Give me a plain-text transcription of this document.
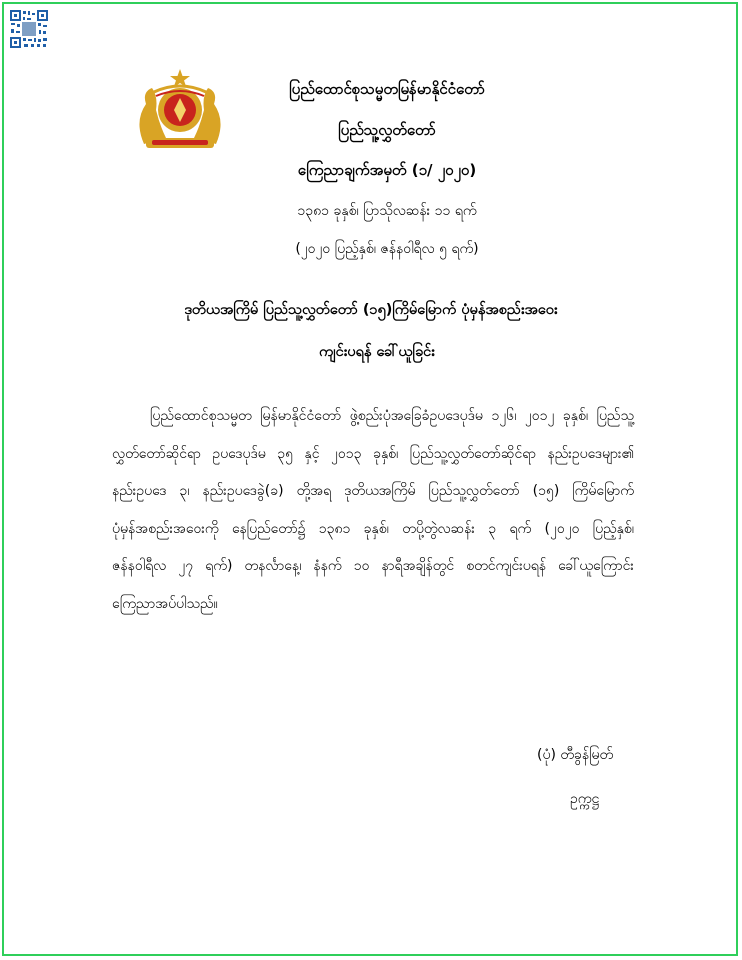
ပြည်ထောင်စုသမ္မတမြန်မာနိုင်ငံတော်
ပြည်သူ့လွှတ်တော်
ကြေညာချက်အမှတ် (၁/ ၂၀၂၀)
၁၃၈၁ ခုနှစ်၊ ပြာသိုလဆန်း ၁၁ ရက်
(၂၀၂၀ ပြည့်နှစ်၊ ဇန်နဝါရီလ ၅ ရက်)
ဒုတိယအကြိမ် ပြည်သူ့လွှတ်တော် (၁၅)ကြိမ်မြောက် ပုံမှန်အစည်းအဝေး
ကျင်းပရန် ခေါ်ယူခြင်း
ပြည်ထောင်စုသမ္မတ မြန်မာနိုင်ငံတော် ဖွဲ့စည်းပုံအခြေခံဥပဒေပုဒ်မ ၁၂၆၊ ၂၀၁၂ ခုနှစ်၊ ပြည်သူ့
လွှတ်တော်ဆိုင်ရာ ဥပဒေပုဒ်မ ၃၅ နှင့် ၂၀၁၃ ခုနှစ်၊ ပြည်သူ့လွှတ်တော်ဆိုင်ရာ နည်းဥပဒေများ၏
နည်းဥပဒေ ၃၊ နည်းဥပဒေခွဲ(ခ) တို့အရ ဒုတိယအကြိမ် ပြည်သူ့လွှတ်တော် (၁၅) ကြိမ်မြောက်
ပုံမှန်အစည်းအဝေးကို နေပြည်တော်၌ ၁၃၈၁ ခုနှစ်၊ တပို့တွဲလဆန်း ၃ ရက် (၂၀၂၀ ပြည့်နှစ်၊
ဇန်နဝါရီလ ၂၇ ရက်) တနင်္လာနေ့၊ နံနက် ၁၀ နာရီအချိန်တွင် စတင်ကျင်းပရန် ခေါ်ယူကြောင်း
ကြေညာအပ်ပါသည်။
(ပုံ) တီခွန်မြတ်
ဥက္ကဋ္ဌ
